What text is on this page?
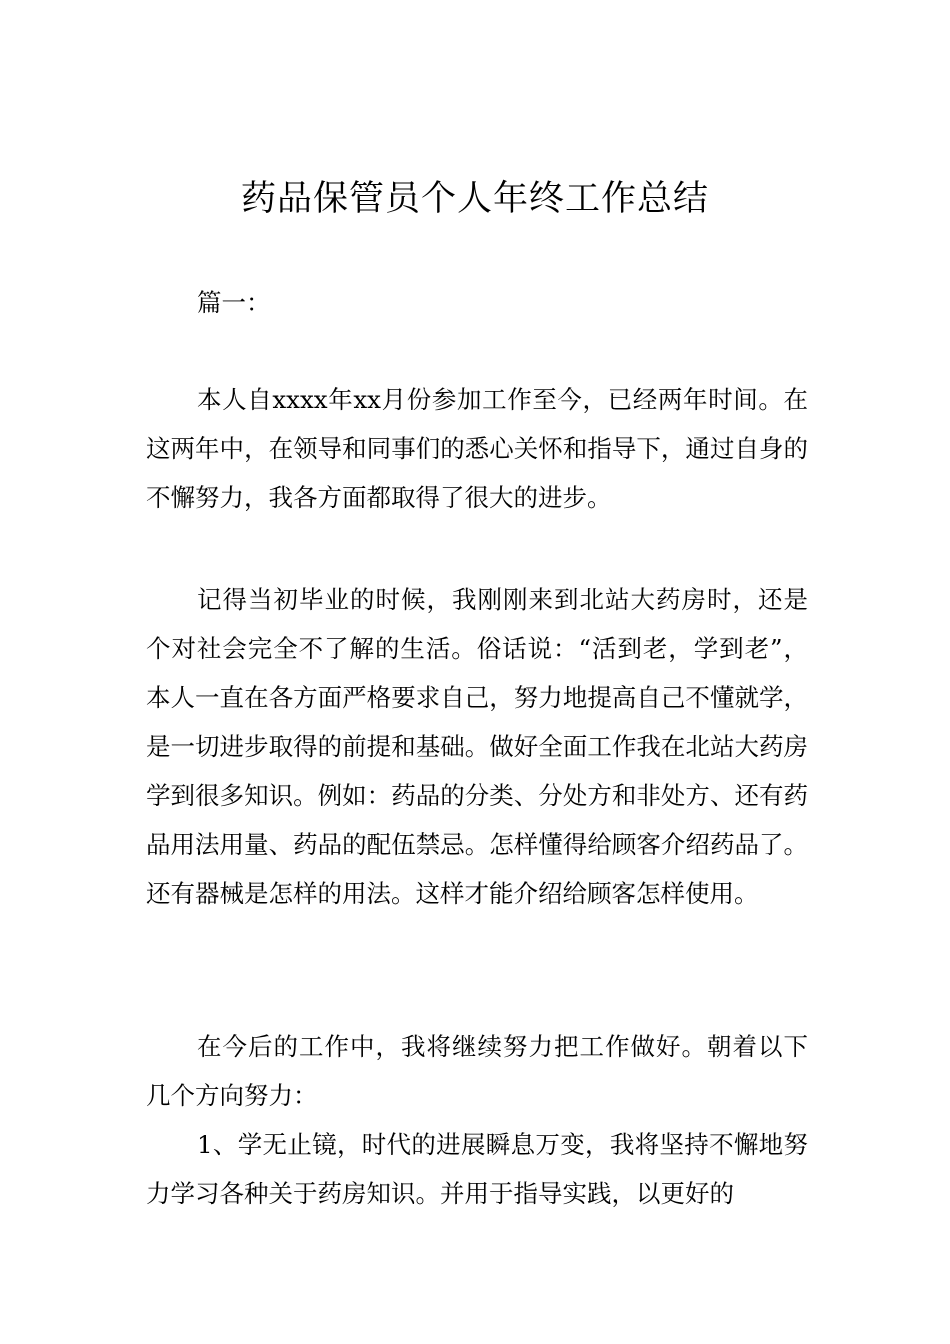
药品保管员个人年终工作总结

篇一：

本人自xxxx年xx月份参加工作至今，已经两年时间。在这两年中，在领导和同事们的悉心关怀和指导下，通过自身的不懈努力，我各方面都取得了很大的进步。

记得当初毕业的时候，我刚刚来到北站大药房时，还是个对社会完全不了解的生活。俗话说：“活到老，学到老”，本人一直在各方面严格要求自己，努力地提高自己不懂就学，是一切进步取得的前提和基础。做好全面工作我在北站大药房学到很多知识。例如：药品的分类、分处方和非处方、还有药品用法用量、药品的配伍禁忌。怎样懂得给顾客介绍药品了。还有器械是怎样的用法。这样才能介绍给顾客怎样使用。

在今后的工作中，我将继续努力把工作做好。朝着以下几个方向努力：

1、学无止镜，时代的进展瞬息万变，我将坚持不懈地努力学习各种关于药房知识。并用于指导实践，以更好的
